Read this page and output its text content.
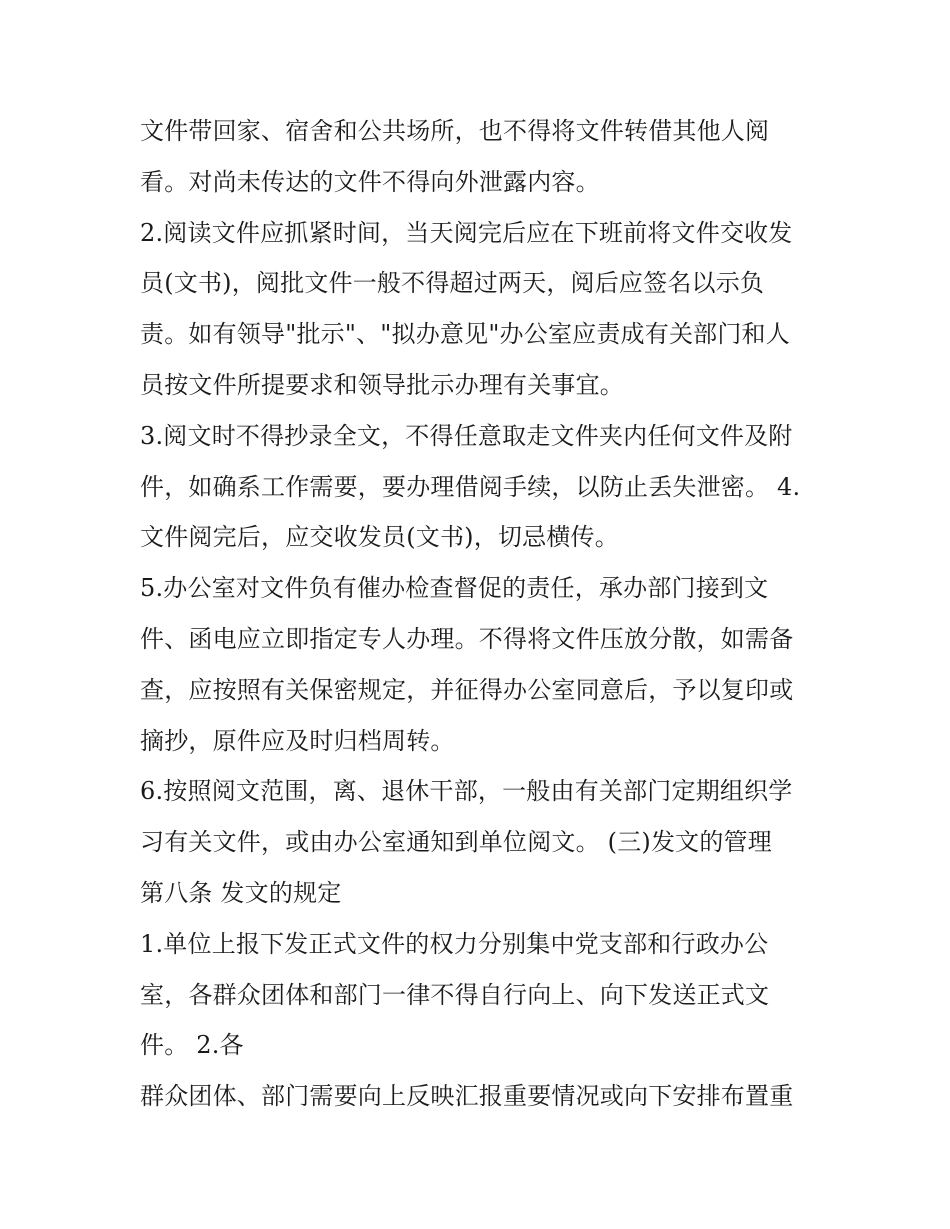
文件带回家、宿舍和公共场所，也不得将文件转借其他人阅
看。对尚未传达的文件不得向外泄露内容。
2.阅读文件应抓紧时间，当天阅完后应在下班前将文件交收发
员(文书)，阅批文件一般不得超过两天，阅后应签名以示负
责。如有领导"批示"、"拟办意见"办公室应责成有关部门和人
员按文件所提要求和领导批示办理有关事宜。
3.阅文时不得抄录全文，不得任意取走文件夹内任何文件及附
件，如确系工作需要，要办理借阅手续，以防止丢失泄密。 4.
文件阅完后，应交收发员(文书)，切忌横传。
5.办公室对文件负有催办检查督促的责任，承办部门接到文
件、函电应立即指定专人办理。不得将文件压放分散，如需备
查，应按照有关保密规定，并征得办公室同意后，予以复印或
摘抄，原件应及时归档周转。
6.按照阅文范围，离、退休干部，一般由有关部门定期组织学
习有关文件，或由办公室通知到单位阅文。 (三)发文的管理
第八条 发文的规定
1.单位上报下发正式文件的权力分别集中党支部和行政办公
室，各群众团体和部门一律不得自行向上、向下发送正式文
件。 2.各
群众团体、部门需要向上反映汇报重要情况或向下安排布置重
